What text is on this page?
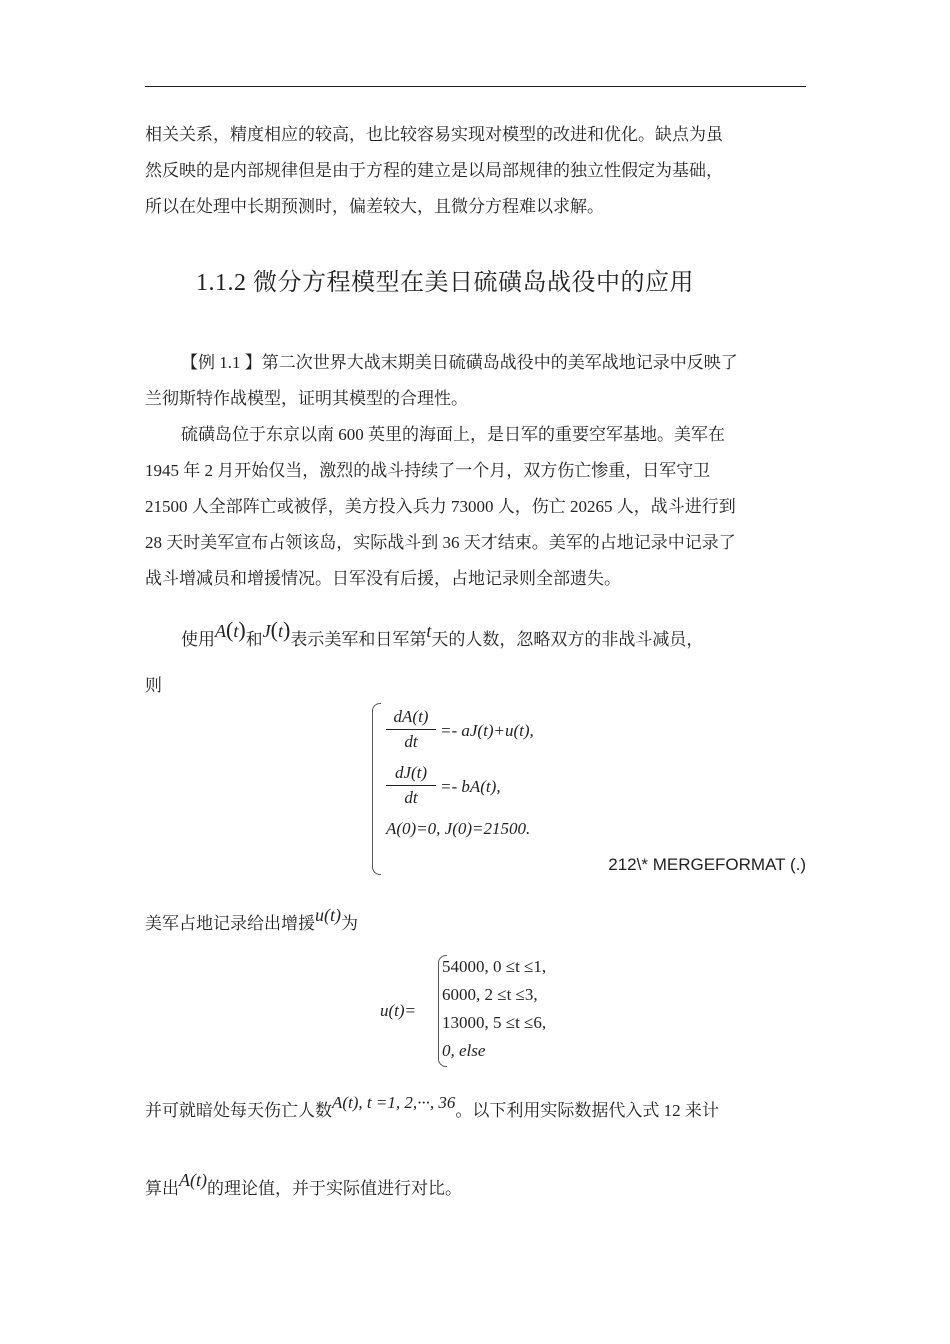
相关关系，精度相应的较高，也比较容易实现对模型的改进和优化。缺点为虽
然反映的是内部规律但是由于方程的建立是以局部规律的独立性假定为基础，
所以在处理中长期预测时，偏差较大，且微分方程难以求解。

1.1.2 微分方程模型在美日硫磺岛战役中的应用

【例 1.1 】第二次世界大战末期美日硫磺岛战役中的美军战地记录中反映了
兰彻斯特作战模型，证明其模型的合理性。

硫磺岛位于东京以南 600 英里的海面上，是日军的重要空军基地。美军在
1945 年 2 月开始仅当，激烈的战斗持续了一个月，双方伤亡惨重，日军守卫
21500 人全部阵亡或被俘，美方投入兵力 73000 人，伤亡 20265 人，战斗进行到
28 天时美军宣布占领该岛，实际战斗到 36 天才结束。美军的占地记录中记录了
战斗增减员和增援情况。日军没有后援，占地记录则全部遗失。

使用A(t)和J(t)表示美军和日军第t天的人数，忽略双方的非战斗减员，
则

$\frac{dA(t)}{dt} =- aJ(t)+u(t)$,
$\frac{dJ(t)}{dt} =- bA(t)$,
A(0)=0, J(0)=21500.
212\* MERGEFORMAT (.)

美军占地记录给出增援u(t)为

u(t)=
54000, 0 ≤t ≤1,
6000, 2 ≤t ≤3,
13000, 5 ≤t ≤6,
0, else

并可就暗处每天伤亡人数A(t), t =1, 2,···, 36。以下利用实际数据代入式 12 来计

算出A(t)的理论值，并于实际值进行对比。
